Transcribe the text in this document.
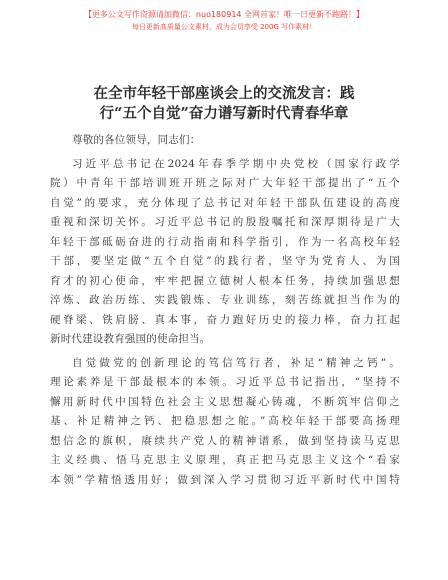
【更多公文写作资源请加微信：nuo180914 全网首家！唯一日更新不跑路！】
每日更新高质量公文素材，成为会员享受 200G 写作素材！
在全市年轻干部座谈会上的交流发言：践
行“五个自觉”奋力谱写新时代青春华章
尊敬的各位领导，同志们：
习近平总书记在2024年春季学期中央党校（国家行政学
院）中青年干部培训班开班之际对广大年轻干部提出了“五个
自觉”的要求，充分体现了总书记对年轻干部队伍建设的高度
重视和深切关怀。习近平总书记的殷殷嘱托和深厚期待是广大
年轻干部砥砺奋进的行动指南和科学指引，作为一名高校年轻
干部，要坚定做“五个自觉”的践行者，坚守为党育人、为国
育才的初心使命，牢牢把握立德树人根本任务，持续加强思想
淬炼、政治历练、实践锻炼、专业训练，刻苦练就担当作为的
硬脊梁、铁肩膀、真本事，奋力跑好历史的接力棒，奋力扛起
新时代建设教育强国的使命担当。
自觉做党的创新理论的笃信笃行者，补足“精神之钙”。
理论素养是干部最根本的本领。习近平总书记指出，“坚持不
懈用新时代中国特色社会主义思想凝心铸魂，不断筑牢信仰之
基、补足精神之钙、把稳思想之舵。”高校年轻干部要高扬理
想信念的旗帜，赓续共产党人的精神谱系，做到坚持读马克思
主义经典、悟马克思主义原理，真正把马克思主义这个“看家
本领”学精悟透用好；做到深入学习贯彻习近平新时代中国特
